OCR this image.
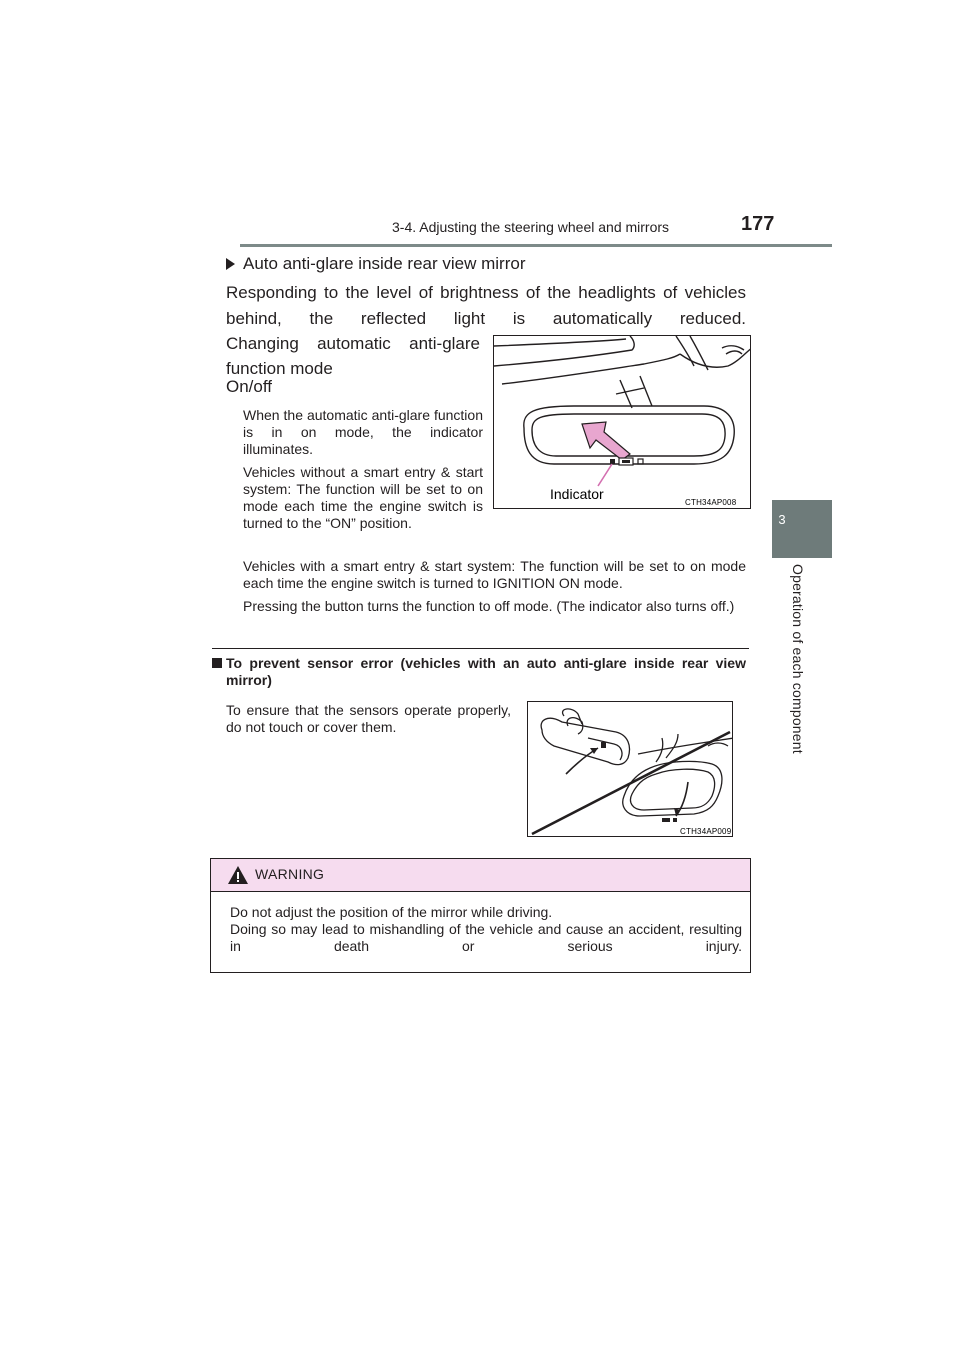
3-4. Adjusting the steering wheel and mirrors	177
3
Operation of each component
Auto anti-glare inside rear view mirror
Responding to the level of brightness of the headlights of vehicles behind, the reflected light is automatically reduced.
Changing automatic anti-glare function mode
On/off
When the automatic anti-glare function is in on mode, the indicator illuminates.
Vehicles without a smart entry & start system: The function will be set to on mode each time the engine switch is turned to the “ON” position.
Vehicles with a smart entry & start system: The function will be set to on mode each time the engine switch is turned to IGNITION ON mode.
Pressing the button turns the function to off mode. (The indicator also turns off.)
Indicator
CTH34AP008
To prevent sensor error (vehicles with an auto anti-glare inside rear view mirror)
To ensure that the sensors operate properly, do not touch or cover them.
CTH34AP009
WARNING
Do not adjust the position of the mirror while driving.
Doing so may lead to mishandling of the vehicle and cause an accident, resulting in death or serious injury.
